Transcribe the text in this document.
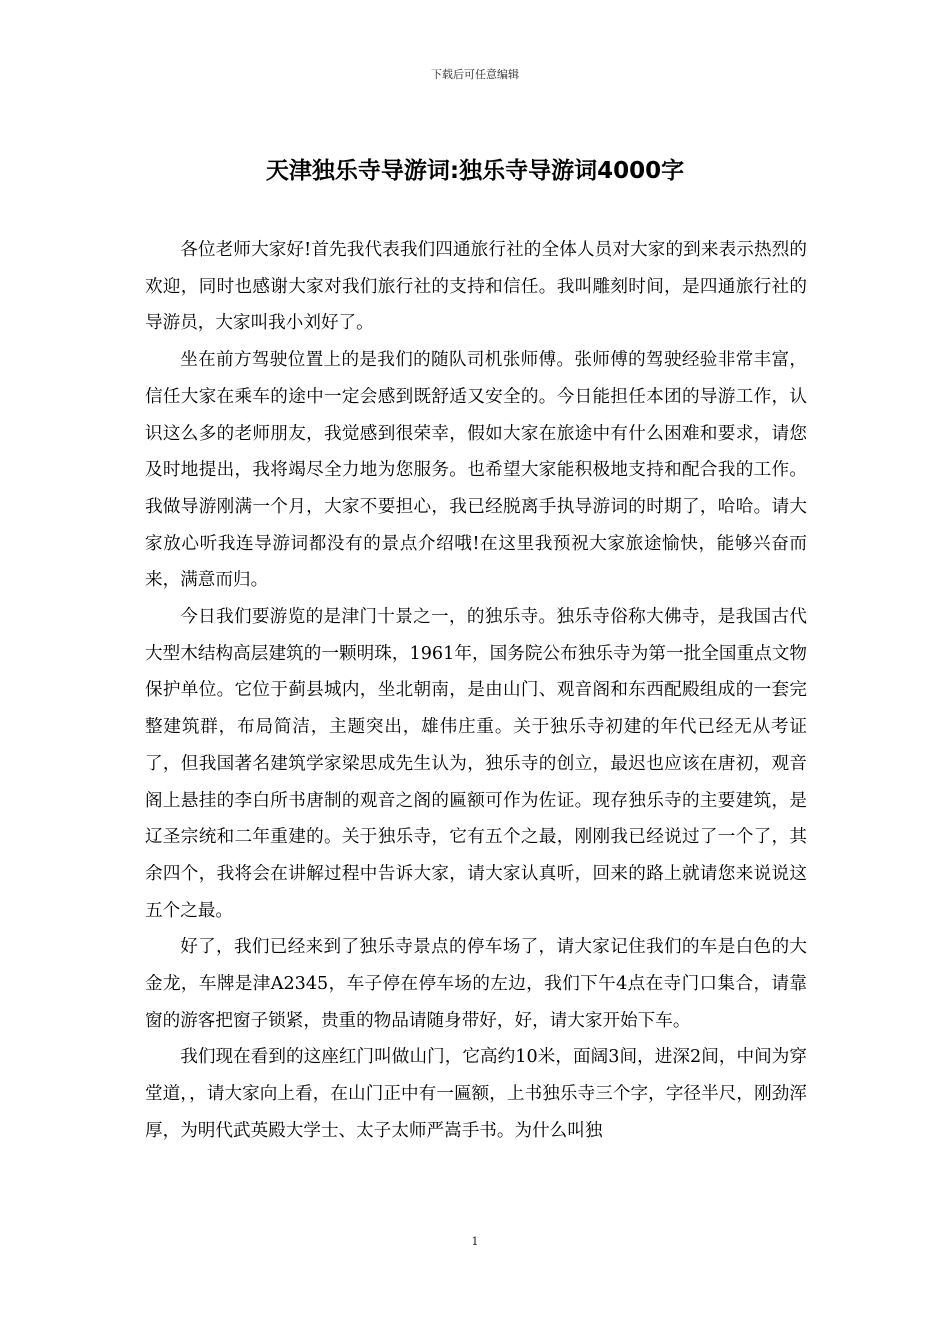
下载后可任意编辑
天津独乐寺导游词:独乐寺导游词4000字

各位老师大家好!首先我代表我们四通旅行社的全体人员对大家的到来表示热烈的欢迎，同时也感谢大家对我们旅行社的支持和信任。我叫雕刻时间，是四通旅行社的导游员，大家叫我小刘好了。

坐在前方驾驶位置上的是我们的随队司机张师傅。张师傅的驾驶经验非常丰富，信任大家在乘车的途中一定会感到既舒适又安全的。今日能担任本团的导游工作，认识这么多的老师朋友，我觉感到很荣幸，假如大家在旅途中有什么困难和要求，请您及时地提出，我将竭尽全力地为您服务。也希望大家能积极地支持和配合我的工作。我做导游刚满一个月，大家不要担心，我已经脱离手执导游词的时期了，哈哈。请大家放心听我连导游词都没有的景点介绍哦!在这里我预祝大家旅途愉快，能够兴奋而来，满意而归。

今日我们要游览的是津门十景之一，的独乐寺。独乐寺俗称大佛寺，是我国古代大型木结构高层建筑的一颗明珠，1961年，国务院公布独乐寺为第一批全国重点文物保护单位。它位于蓟县城内，坐北朝南，是由山门、观音阁和东西配殿组成的一套完整建筑群，布局简洁，主题突出，雄伟庄重。关于独乐寺初建的年代已经无从考证了，但我国著名建筑学家梁思成先生认为，独乐寺的创立，最迟也应该在唐初，观音阁上悬挂的李白所书唐制的观音之阁的匾额可作为佐证。现存独乐寺的主要建筑，是辽圣宗统和二年重建的。关于独乐寺，它有五个之最，刚刚我已经说过了一个了，其余四个，我将会在讲解过程中告诉大家，请大家认真听，回来的路上就请您来说说这五个之最。

好了，我们已经来到了独乐寺景点的停车场了，请大家记住我们的车是白色的大金龙，车牌是津A2345，车子停在停车场的左边，我们下午4点在寺门口集合，请靠窗的游客把窗子锁紧，贵重的物品请随身带好，好，请大家开始下车。

我们现在看到的这座红门叫做山门，它高约10米，面阔3间，进深2间，中间为穿堂道，，请大家向上看，在山门正中有一匾额，上书独乐寺三个字，字径半尺，刚劲浑厚，为明代武英殿大学士、太子太师严嵩手书。为什么叫独

1
